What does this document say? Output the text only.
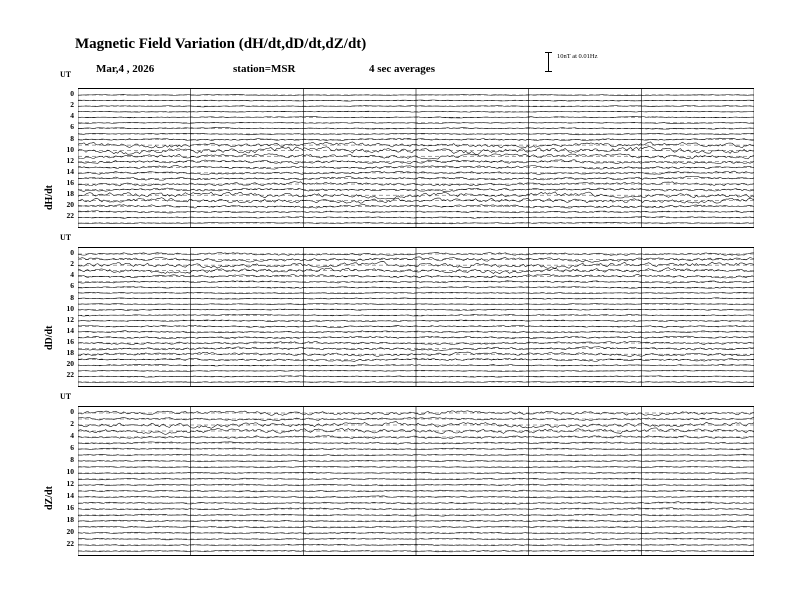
Magnetic Field Variation (dH/dt,dD/dt,dZ/dt)
Mar,4 , 2026	station=MSR	4 sec averages
10nT at 0.01Hz
UT
dH/dt
UT
dD/dt
UT
dZ/dt
0
2
4
6
8
10
12
14
16
18
20
22
0
2
4
6
8
10
12
14
16
18
20
22
0
2
4
6
8
10
12
14
16
18
20
22
